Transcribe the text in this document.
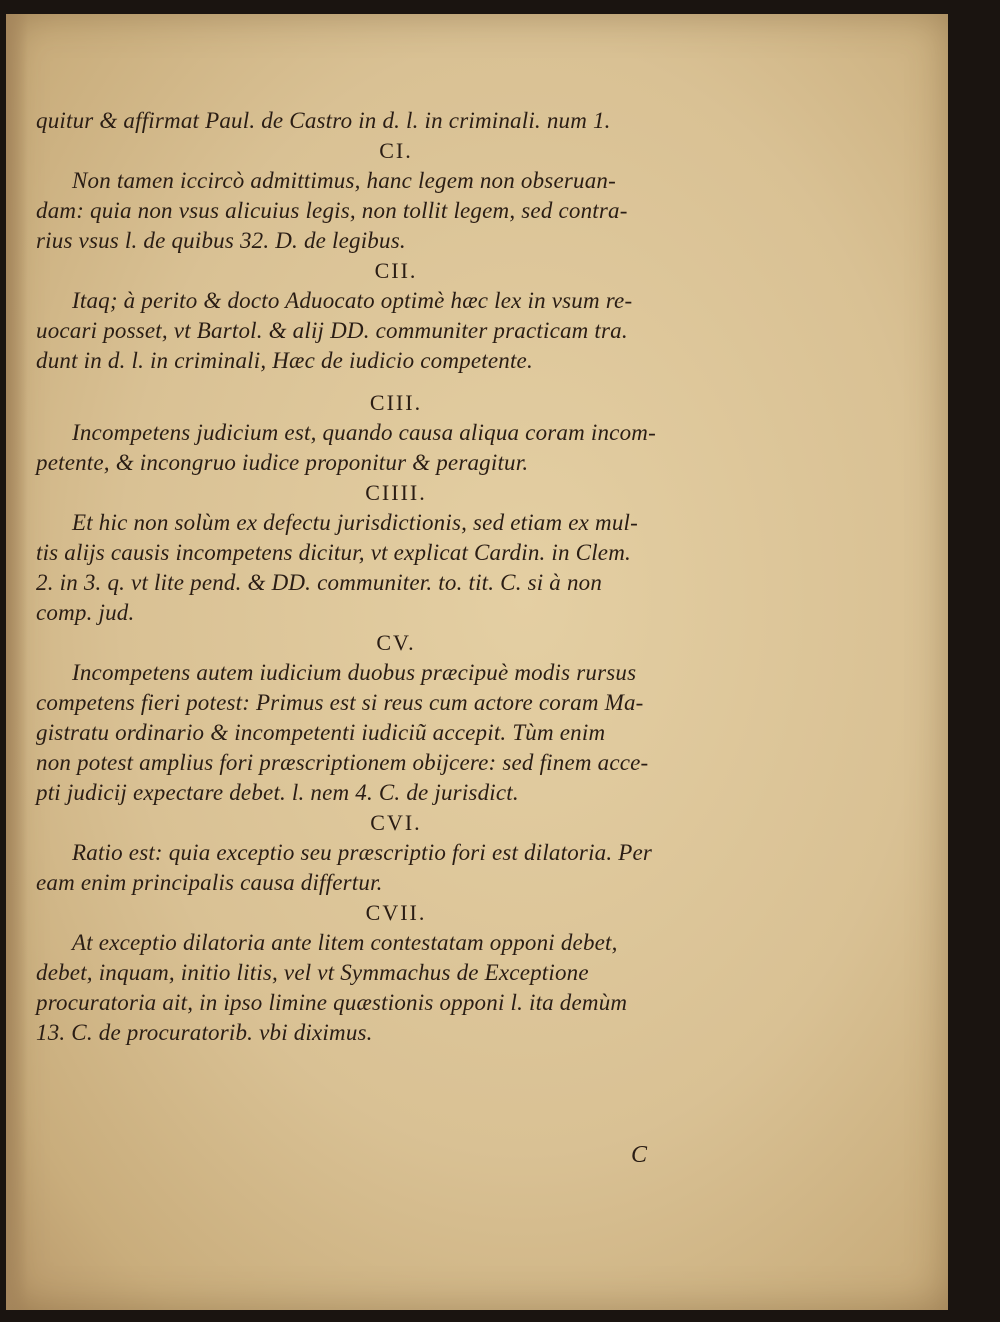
quitur & affirmat Paul. de Castro in d. l. in criminali. num 1.
CI.
Non tamen iccircò admittimus, hanc legem non obseruan-
dam: quia non vsus alicuius legis, non tollit legem, sed contra-
rius vsus l. de quibus 32. D. de legibus.
CII.
Itaq; à perito & docto Aduocato optimè hæc lex in vsum re-
uocari posset, vt Bartol. & alij DD. communiter practicam tra.
dunt in d. l. in criminali, Hæc de iudicio competente.
CIII.
Incompetens judicium est, quando causa aliqua coram incom-
petente, & incongruo iudice proponitur & peragitur.
CIIII.
Et hic non solùm ex defectu jurisdictionis, sed etiam ex mul-
tis alijs causis incompetens dicitur, vt explicat Cardin. in Clem.
2. in 3. q. vt lite pend. & DD. communiter. to. tit. C. si à non
comp. jud.
CV.
Incompetens autem iudicium duobus præcipuè modis rursus
competens fieri potest: Primus est si reus cum actore coram Ma-
gistratu ordinario & incompetenti iudiciũ accepit. Tùm enim
non potest amplius fori præscriptionem obijcere: sed finem acce-
pti judicij expectare debet. l. nem 4. C. de jurisdict.
CVI.
Ratio est: quia exceptio seu præscriptio fori est dilatoria. Per
eam enim principalis causa differtur.
CVII.
At exceptio dilatoria ante litem contestatam opponi debet,
debet, inquam, initio litis, vel vt Symmachus de Exceptione
procuratoria ait, in ipso limine quæstionis opponi l. ita demùm
13. C. de procuratorib. vbi diximus.
C
